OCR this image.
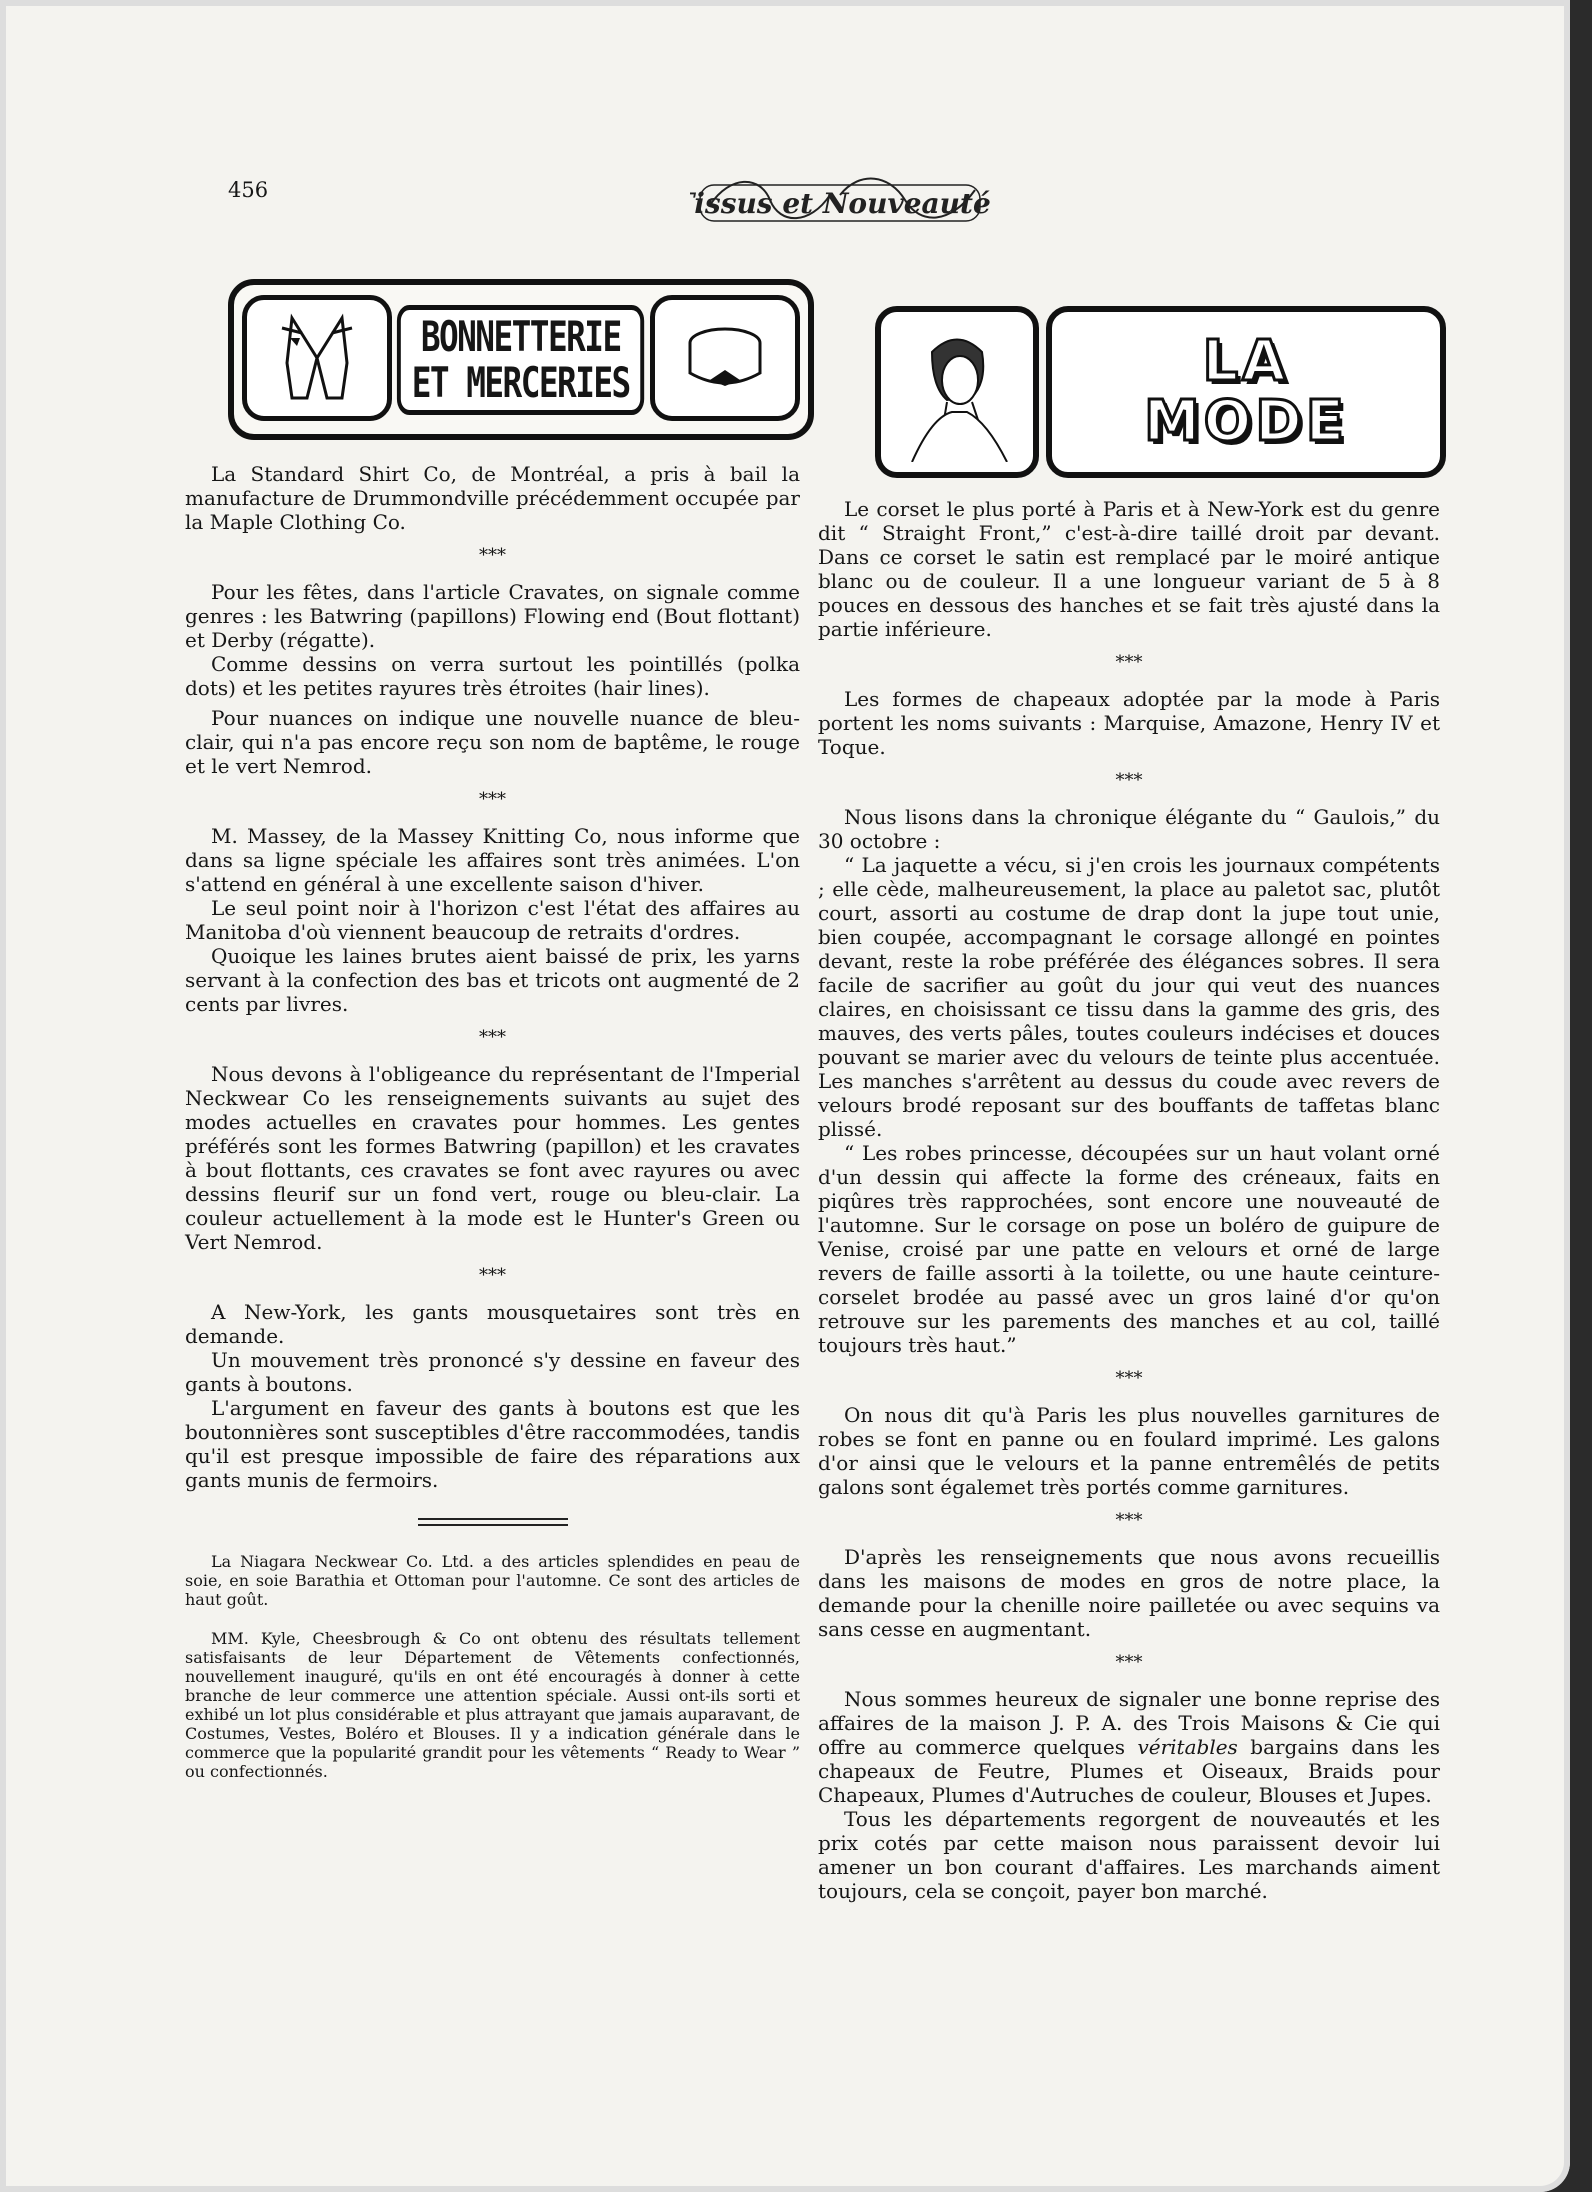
456	Tissus et Nouveautés
BONNETTERIE
ET MERCERIES	LA
MODE

La Standard Shirt Co, de Montréal, a pris à bail la manufacture de Drummondville précédemment occupée par la Maple Clothing Co.

***

Pour les fêtes, dans l'article Cravates, on signale comme genres : les Batwring (papillons) Flowing end (Bout flottant) et Derby (régatte).

Comme dessins on verra surtout les pointillés (polka dots) et les petites rayures très étroites (hair lines).

Pour nuances on indique une nouvelle nuance de bleu-clair, qui n'a pas encore reçu son nom de baptême, le rouge et le vert Nemrod.

***

M. Massey, de la Massey Knitting Co, nous informe que dans sa ligne spéciale les affaires sont très animées. L'on s'attend en général à une excellente saison d'hiver.

Le seul point noir à l'horizon c'est l'état des affaires au Manitoba d'où viennent beaucoup de retraits d'ordres.

Quoique les laines brutes aient baissé de prix, les yarns servant à la confection des bas et tricots ont augmenté de 2 cents par livres.

***

Nous devons à l'obligeance du représentant de l'Imperial Neckwear Co les renseignements suivants au sujet des modes actuelles en cravates pour hommes. Les gentes préférés sont les formes Batwring (papillon) et les cravates à bout flottants, ces cravates se font avec rayures ou avec dessins fleurif sur un fond vert, rouge ou bleu-clair. La couleur actuellement à la mode est le Hunter's Green ou Vert Nemrod.

***

A New-York, les gants mousquetaires sont très en demande.

Un mouvement très prononcé s'y dessine en faveur des gants à boutons.

L'argument en faveur des gants à boutons est que les boutonnières sont susceptibles d'être raccommodées, tandis qu'il est presque impossible de faire des réparations aux gants munis de fermoirs.

La Niagara Neckwear Co. Ltd. a des articles splendides en peau de soie, en soie Barathia et Ottoman pour l'automne. Ce sont des articles de haut goût.

MM. Kyle, Cheesbrough & Co ont obtenu des résultats tellement satisfaisants de leur Département de Vêtements confectionnés, nouvellement inauguré, qu'ils en ont été encouragés à donner à cette branche de leur commerce une attention spéciale. Aussi ont-ils sorti et exhibé un lot plus considérable et plus attrayant que jamais auparavant, de Costumes, Vestes, Boléro et Blouses. Il y a indication générale dans le commerce que la popularité grandit pour les vêtements “ Ready to Wear ” ou confectionnés.

Le corset le plus porté à Paris et à New-York est du genre dit “ Straight Front,” c'est-à-dire taillé droit par devant. Dans ce corset le satin est remplacé par le moiré antique blanc ou de couleur. Il a une longueur variant de 5 à 8 pouces en dessous des hanches et se fait très ajusté dans la partie inférieure.

***

Les formes de chapeaux adoptée par la mode à Paris portent les noms suivants : Marquise, Amazone, Henry IV et Toque.

***

Nous lisons dans la chronique élégante du “ Gaulois,” du 30 octobre :

“ La jaquette a vécu, si j'en crois les journaux compétents ; elle cède, malheureusement, la place au paletot sac, plutôt court, assorti au costume de drap dont la jupe tout unie, bien coupée, accompagnant le corsage allongé en pointes devant, reste la robe préférée des élégances sobres. Il sera facile de sacrifier au goût du jour qui veut des nuances claires, en choisissant ce tissu dans la gamme des gris, des mauves, des verts pâles, toutes couleurs indécises et douces pouvant se marier avec du velours de teinte plus accentuée. Les manches s'arrêtent au dessus du coude avec revers de velours brodé reposant sur des bouffants de taffetas blanc plissé.

“ Les robes princesse, découpées sur un haut volant orné d'un dessin qui affecte la forme des créneaux, faits en piqûres très rapprochées, sont encore une nouveauté de l'automne. Sur le corsage on pose un boléro de guipure de Venise, croisé par une patte en velours et orné de large revers de faille assorti à la toilette, ou une haute ceinture-corselet brodée au passé avec un gros lainé d'or qu'on retrouve sur les parements des manches et au col, taillé toujours très haut.”

***

On nous dit qu'à Paris les plus nouvelles garnitures de robes se font en panne ou en foulard imprimé. Les galons d'or ainsi que le velours et la panne entremêlés de petits galons sont égalemet très portés comme garnitures.

***

D'après les renseignements que nous avons recueillis dans les maisons de modes en gros de notre place, la demande pour la chenille noire pailletée ou avec sequins va sans cesse en augmentant.

***

Nous sommes heureux de signaler une bonne reprise des affaires de la maison J. P. A. des Trois Maisons & Cie qui offre au commerce quelques véritables bargains dans les chapeaux de Feutre, Plumes et Oiseaux, Braids pour Chapeaux, Plumes d'Autruches de couleur, Blouses et Jupes.

Tous les départements regorgent de nouveautés et les prix cotés par cette maison nous paraissent devoir lui amener un bon courant d'affaires. Les marchands aiment toujours, cela se conçoit, payer bon marché.
